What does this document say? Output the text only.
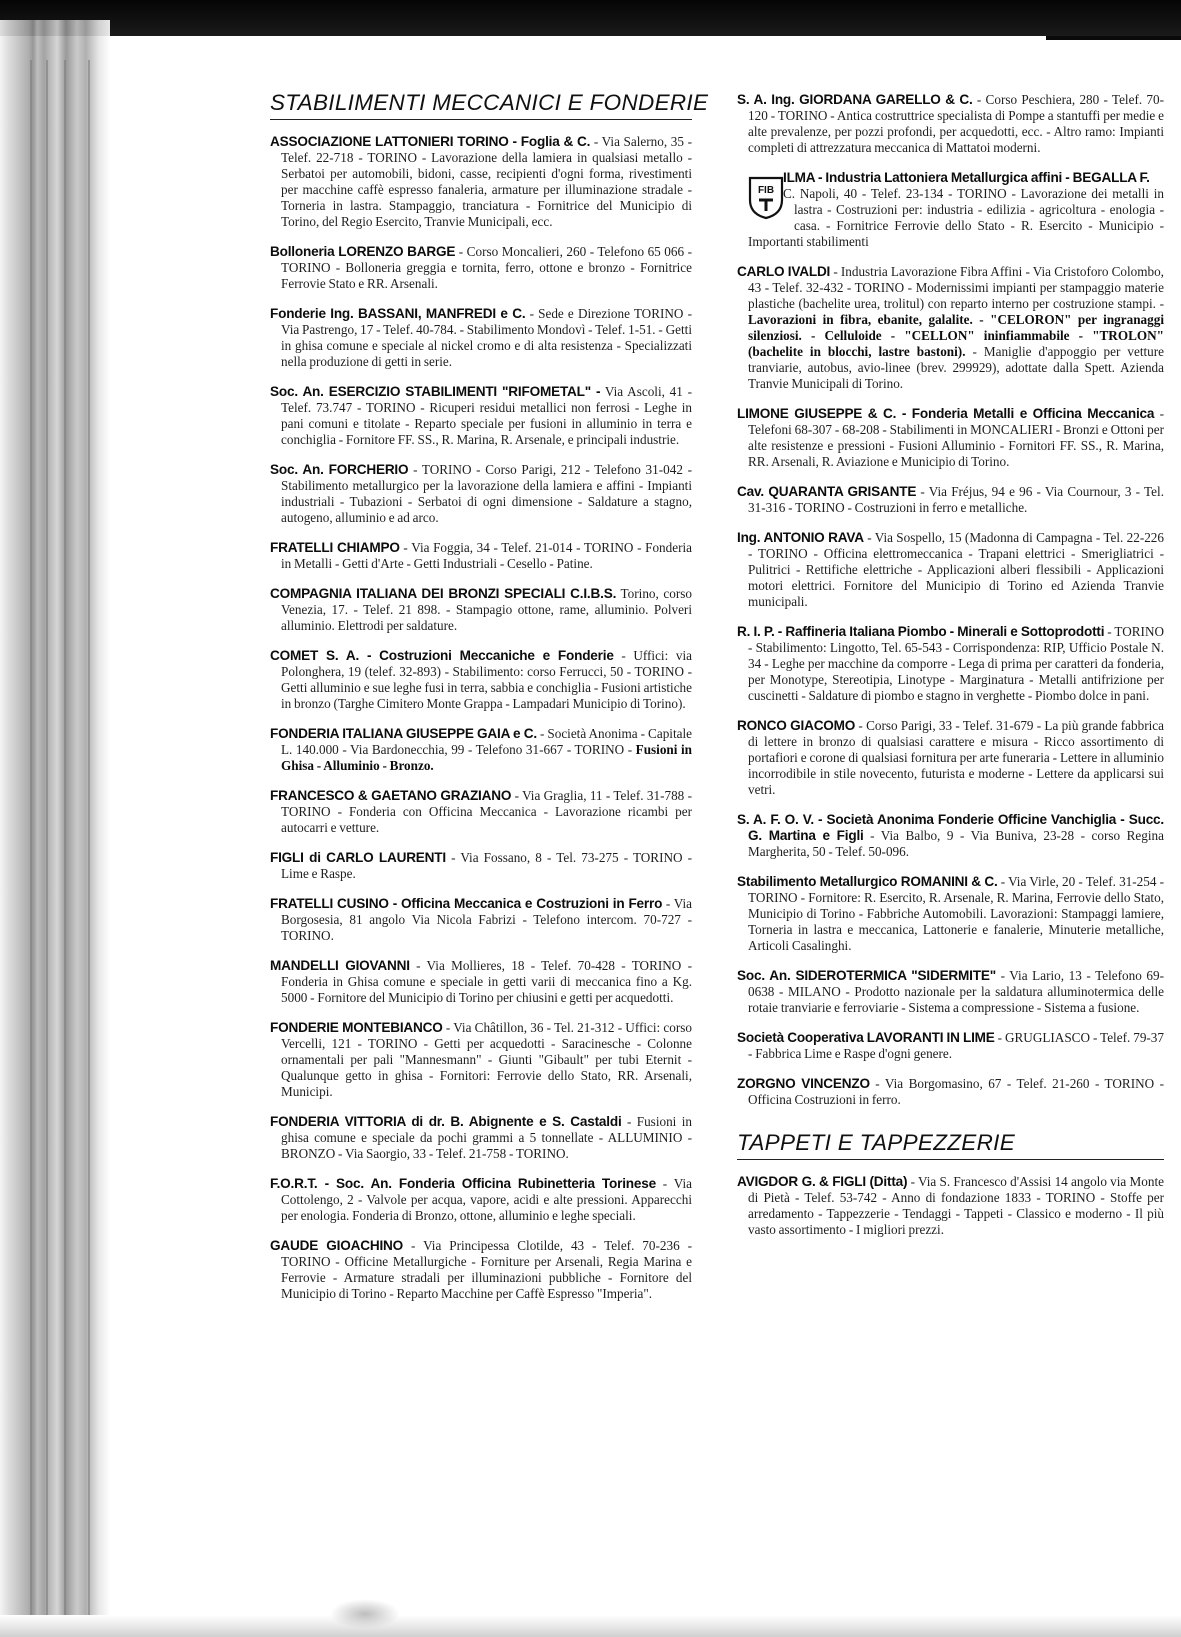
STABILIMENTI MECCANICI E FONDERIE

ASSOCIAZIONE LATTONIERI TORINO - Foglia & C. - Via Salerno, 35 - Telef. 22-718 - TORINO - Lavorazione della lamiera in qualsiasi metallo - Serbatoi per automobili, bidoni, casse, recipienti d'ogni forma, rivestimenti per macchine caffè espresso fanaleria, armature per illuminazione stradale - Torneria in lastra. Stampaggio, tranciatura - Fornitrice del Municipio di Torino, del Regio Esercito, Tranvie Municipali, ecc.

Bolloneria LORENZO BARGE - Corso Moncalieri, 260 - Telefono 65 066 - TORINO - Bolloneria greggia e tornita, ferro, ottone e bronzo - Fornitrice Ferrovie Stato e RR. Arsenali.

Fonderie Ing. BASSANI, MANFREDI e C. - Sede e Direzione TORINO - Via Pastrengo, 17 - Telef. 40-784. - Stabilimento Mondovì - Telef. 1-51. - Getti in ghisa comune e speciale al nickel cromo e di alta resistenza - Specializzati nella produzione di getti in serie.

Soc. An. ESERCIZIO STABILIMENTI "RIFOMETAL" - Via Ascoli, 41 - Telef. 73.747 - TORINO - Ricuperi residui metallici non ferrosi - Leghe in pani comuni e titolate - Reparto speciale per fusioni in alluminio in terra e conchiglia - Fornitore FF. SS., R. Marina, R. Arsenale, e principali industrie.

Soc. An. FORCHERIO - TORINO - Corso Parigi, 212 - Telefono 31-042 - Stabilimento metallurgico per la lavorazione della lamiera e affini - Impianti industriali - Tubazioni - Serbatoi di ogni dimensione - Saldature a stagno, autogeno, alluminio e ad arco.

FRATELLI CHIAMPO - Via Foggia, 34 - Telef. 21-014 - TORINO - Fonderia in Metalli - Getti d'Arte - Getti Industriali - Cesello - Patine.

COMPAGNIA ITALIANA DEI BRONZI SPECIALI C.I.B.S. Torino, corso Venezia, 17. - Telef. 21 898. - Stampagio ottone, rame, alluminio. Polveri alluminio. Elettrodi per saldature.

COMET S. A. - Costruzioni Meccaniche e Fonderie - Uffici: via Polonghera, 19 (telef. 32-893) - Stabilimento: corso Ferrucci, 50 - TORINO - Getti alluminio e sue leghe fusi in terra, sabbia e conchiglia - Fusioni artistiche in bronzo (Targhe Cimitero Monte Grappa - Lampadari Municipio di Torino).

FONDERIA ITALIANA GIUSEPPE GAIA e C. - Società Anonima - Capitale L. 140.000 - Via Bardonecchia, 99 - Telefono 31-667 - TORINO - Fusioni in Ghisa - Alluminio - Bronzo.

FRANCESCO & GAETANO GRAZIANO - Via Graglia, 11 - Telef. 31-788 - TORINO - Fonderia con Officina Meccanica - Lavorazione ricambi per autocarri e vetture.

FIGLI di CARLO LAURENTI - Via Fossano, 8 - Tel. 73-275 - TORINO - Lime e Raspe.

FRATELLI CUSINO - Officina Meccanica e Costruzioni in Ferro - Via Borgosesia, 81 angolo Via Nicola Fabrizi - Telefono intercom. 70-727 - TORINO.

MANDELLI GIOVANNI - Via Mollieres, 18 - Telef. 70-428 - TORINO - Fonderia in Ghisa comune e speciale in getti varii di meccanica fino a Kg. 5000 - Fornitore del Municipio di Torino per chiusini e getti per acquedotti.

FONDERIE MONTEBIANCO - Via Châtillon, 36 - Tel. 21-312 - Uffici: corso Vercelli, 121 - TORINO - Getti per acquedotti - Saracinesche - Colonne ornamentali per pali "Mannesmann" - Giunti "Gibault" per tubi Eternit - Qualunque getto in ghisa - Fornitori: Ferrovie dello Stato, RR. Arsenali, Municipi.

FONDERIA VITTORIA di dr. B. Abignente e S. Castaldi - Fusioni in ghisa comune e speciale da pochi grammi a 5 tonnellate - ALLUMINIO - BRONZO - Via Saorgio, 33 - Telef. 21-758 - TORINO.

F.O.R.T. - Soc. An. Fonderia Officina Rubinetteria Torinese - Via Cottolengo, 2 - Valvole per acqua, vapore, acidi e alte pressioni. Apparecchi per enologia. Fonderia di Bronzo, ottone, alluminio e leghe speciali.

GAUDE GIOACHINO - Via Principessa Clotilde, 43 - Telef. 70-236 - TORINO - Officine Metallurgiche - Forniture per Arsenali, Regia Marina e Ferrovie - Armature stradali per illuminazioni pubbliche - Fornitore del Municipio di Torino - Reparto Macchine per Caffè Espresso "Imperia".

S. A. Ing. GIORDANA GARELLO & C. - Corso Peschiera, 280 - Telef. 70-120 - TORINO - Antica costruttrice specialista di Pompe a stantuffi per medie e alte prevalenze, per pozzi profondi, per acquedotti, ecc. - Altro ramo: Impianti completi di attrezzatura meccanica di Mattatoi moderni.

FIB
ILMA - Industria Lattoniera Metallurgica affini - BEGALLA F.
C. Napoli, 40 - Telef. 23-134 - TORINO - Lavorazione dei metalli in lastra - Costruzioni per: industria - edilizia - agricoltura - enologia - casa. - Fornitrice Ferrovie dello Stato - R. Esercito - Municipio - Importanti stabilimenti

CARLO IVALDI - Industria Lavorazione Fibra Affini - Via Cristoforo Colombo, 43 - Telef. 32-432 - TORINO - Modernissimi impianti per stampaggio materie plastiche (bachelite urea, trolitul) con reparto interno per costruzione stampi. - Lavorazioni in fibra, ebanite, galalite. - "CELORON" per ingranaggi silenziosi. - Celluloide - "CELLON" ininfiammabile - "TROLON" (bachelite in blocchi, lastre bastoni). - Maniglie d'appoggio per vetture tranviarie, autobus, avio-linee (brev. 299929), adottate dalla Spett. Azienda Tranvie Municipali di Torino.

LIMONE GIUSEPPE & C. - Fonderia Metalli e Officina Meccanica - Telefoni 68-307 - 68-208 - Stabilimenti in MONCALIERI - Bronzi e Ottoni per alte resistenze e pressioni - Fusioni Alluminio - Fornitori FF. SS., R. Marina, RR. Arsenali, R. Aviazione e Municipio di Torino.

Cav. QUARANTA GRISANTE - Via Fréjus, 94 e 96 - Via Cournour, 3 - Tel. 31-316 - TORINO - Costruzioni in ferro e metalliche.

Ing. ANTONIO RAVA - Via Sospello, 15 (Madonna di Campagna - Tel. 22-226 - TORINO - Officina elettromeccanica - Trapani elettrici - Smerigliatrici - Pulitrici - Rettifiche elettriche - Applicazioni alberi flessibili - Applicazioni motori elettrici. Fornitore del Municipio di Torino ed Azienda Tranvie municipali.

R. I. P. - Raffineria Italiana Piombo - Minerali e Sottoprodotti - TORINO - Stabilimento: Lingotto, Tel. 65-543 - Corrispondenza: RIP, Ufficio Postale N. 34 - Leghe per macchine da comporre - Lega di prima per caratteri da fonderia, per Monotype, Stereotipia, Linotype - Marginatura - Metalli antifrizione per cuscinetti - Saldature di piombo e stagno in verghette - Piombo dolce in pani.

RONCO GIACOMO - Corso Parigi, 33 - Telef. 31-679 - La più grande fabbrica di lettere in bronzo di qualsiasi carattere e misura - Ricco assortimento di portafiori e corone di qualsiasi fornitura per arte funeraria - Lettere in alluminio incorrodibile in stile novecento, futurista e moderne - Lettere da applicarsi sui vetri.

S. A. F. O. V. - Società Anonima Fonderie Officine Vanchiglia - Succ. G. Martina e Figli - Via Balbo, 9 - Via Buniva, 23-28 - corso Regina Margherita, 50 - Telef. 50-096.

Stabilimento Metallurgico ROMANINI & C. - Via Virle, 20 - Telef. 31-254 - TORINO - Fornitore: R. Esercito, R. Arsenale, R. Marina, Ferrovie dello Stato, Municipio di Torino - Fabbriche Automobili. Lavorazioni: Stampaggi lamiere, Torneria in lastra e meccanica, Lattonerie e fanalerie, Minuterie metalliche, Articoli Casalinghi.

Soc. An. SIDEROTERMICA "SIDERMITE" - Via Lario, 13 - Telefono 69-0638 - MILANO - Prodotto nazionale per la saldatura alluminotermica delle rotaie tranviarie e ferroviarie - Sistema a compressione - Sistema a fusione.

Società Cooperativa LAVORANTI IN LIME - GRUGLIASCO - Telef. 79-37 - Fabbrica Lime e Raspe d'ogni genere.

ZORGNO VINCENZO - Via Borgomasino, 67 - Telef. 21-260 - TORINO - Officina Costruzioni in ferro.

TAPPETI E TAPPEZZERIE

AVIGDOR G. & FIGLI (Ditta) - Via S. Francesco d'Assisi 14 angolo via Monte di Pietà - Telef. 53-742 - Anno di fondazione 1833 - TORINO - Stoffe per arredamento - Tappezzerie - Tendaggi - Tappeti - Classico e moderno - Il più vasto assortimento - I migliori prezzi.
